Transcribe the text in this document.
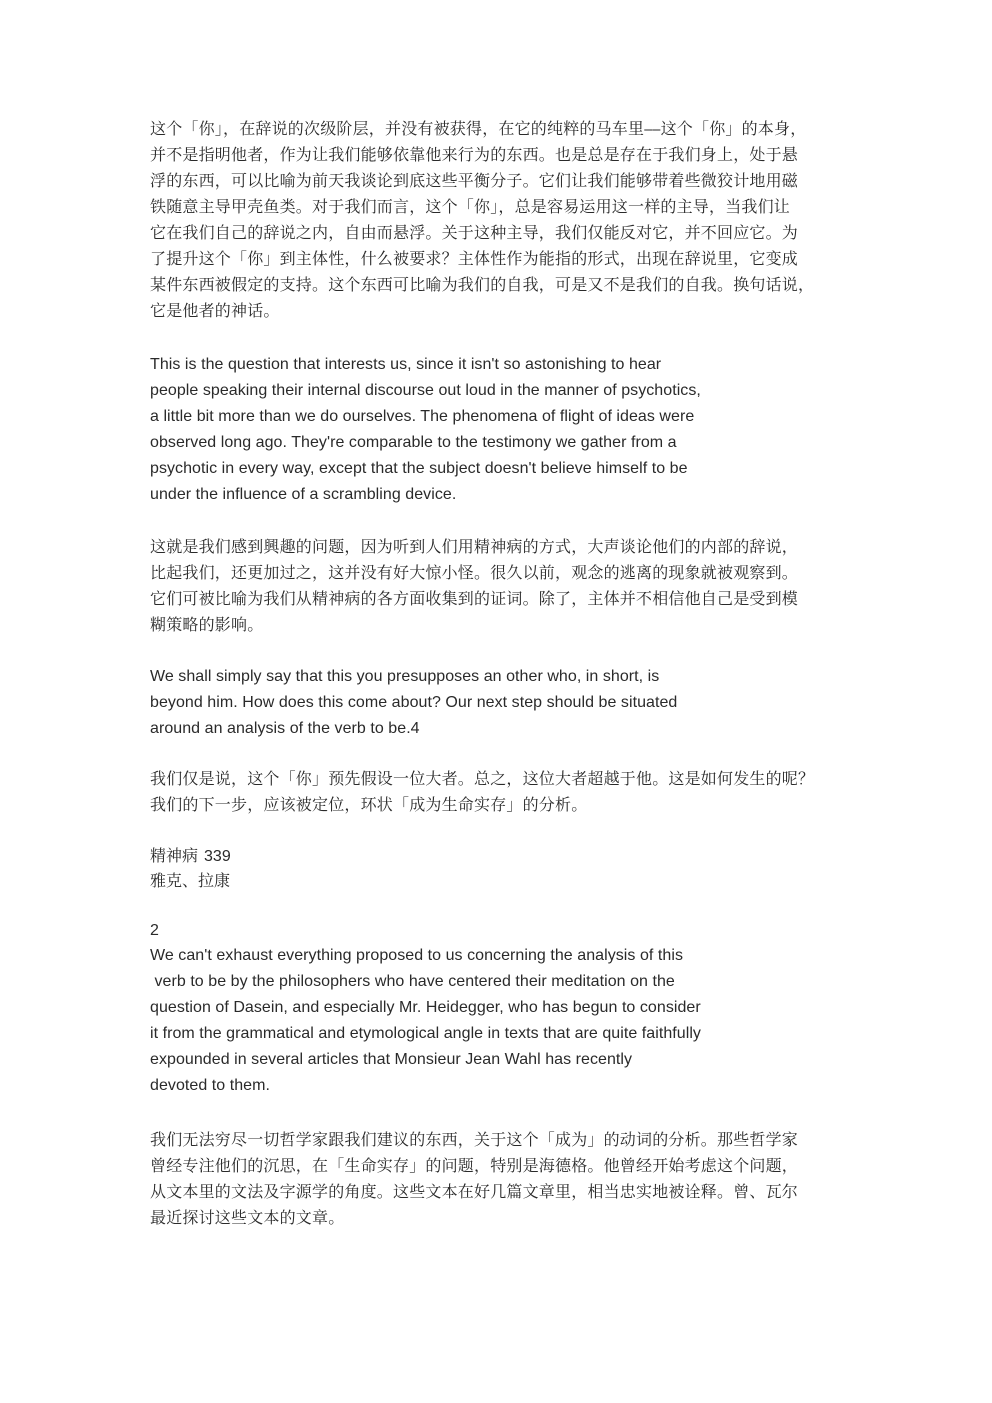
这个「你」，在辞说的次级阶层，并没有被获得，在它的纯粹的马车里⎯⎯这个「你」的本身，
并不是指明他者，作为让我们能够依靠他来行为的东西。也是总是存在于我们身上，处于悬
浮的东西，可以比喻为前天我谈论到底这些平衡分子。它们让我们能够带着些微狡计地用磁
铁随意主导甲壳鱼类。对于我们而言，这个「你」，总是容易运用这一样的主导，当我们让
它在我们自己的辞说之内，自由而悬浮。关于这种主导，我们仅能反对它，并不回应它。为
了提升这个「你」到主体性，什么被要求？主体性作为能指的形式，出现在辞说里，它变成
某件东西被假定的支持。这个东西可比喻为我们的自我，可是又不是我们的自我。换句话说，
它是他者的神话。

This is the question that interests us, since it isn't so astonishing to hear
people speaking their internal discourse out loud in the manner of psychotics,
a little bit more than we do ourselves. The phenomena of flight of ideas were
observed long ago. They're comparable to the testimony we gather from a
psychotic in every way, except that the subject doesn't believe himself to be
under the influence of a scrambling device.

这就是我们感到興趣的问题，因为听到人们用精神病的方式，大声谈论他们的内部的辞说，
比起我们，还更加过之，这并没有好大惊小怪。很久以前，观念的逃离的现象就被观察到。
它们可被比喻为我们从精神病的各方面收集到的证词。除了，主体并不相信他自己是受到模
糊策略的影响。

We shall simply say that this you presupposes an other who, in short, is
beyond him. How does this come about? Our next step should be situated
around an analysis of the verb to be.4

我们仅是说，这个「你」预先假设一位大者。总之，这位大者超越于他。这是如何发生的呢？
我们的下一步，应该被定位，环状「成为生命实存」的分析。

精神病 339
雅克、拉康

2

We can't exhaust everything proposed to us concerning the analysis of this
verb to be by the philosophers who have centered their meditation on the
question of Dasein, and especially Mr. Heidegger, who has begun to consider
it from the grammatical and etymological angle in texts that are quite faithfully
expounded in several articles that Monsieur Jean Wahl has recently
devoted to them.

我们无法穷尽一切哲学家跟我们建议的东西，关于这个「成为」的动词的分析。那些哲学家
曾经专注他们的沉思，在「生命实存」的问题，特别是海德格。他曾经开始考虑这个问题，
从文本里的文法及字源学的角度。这些文本在好几篇文章里，相当忠实地被诠释。曾、瓦尔
最近探讨这些文本的文章。
